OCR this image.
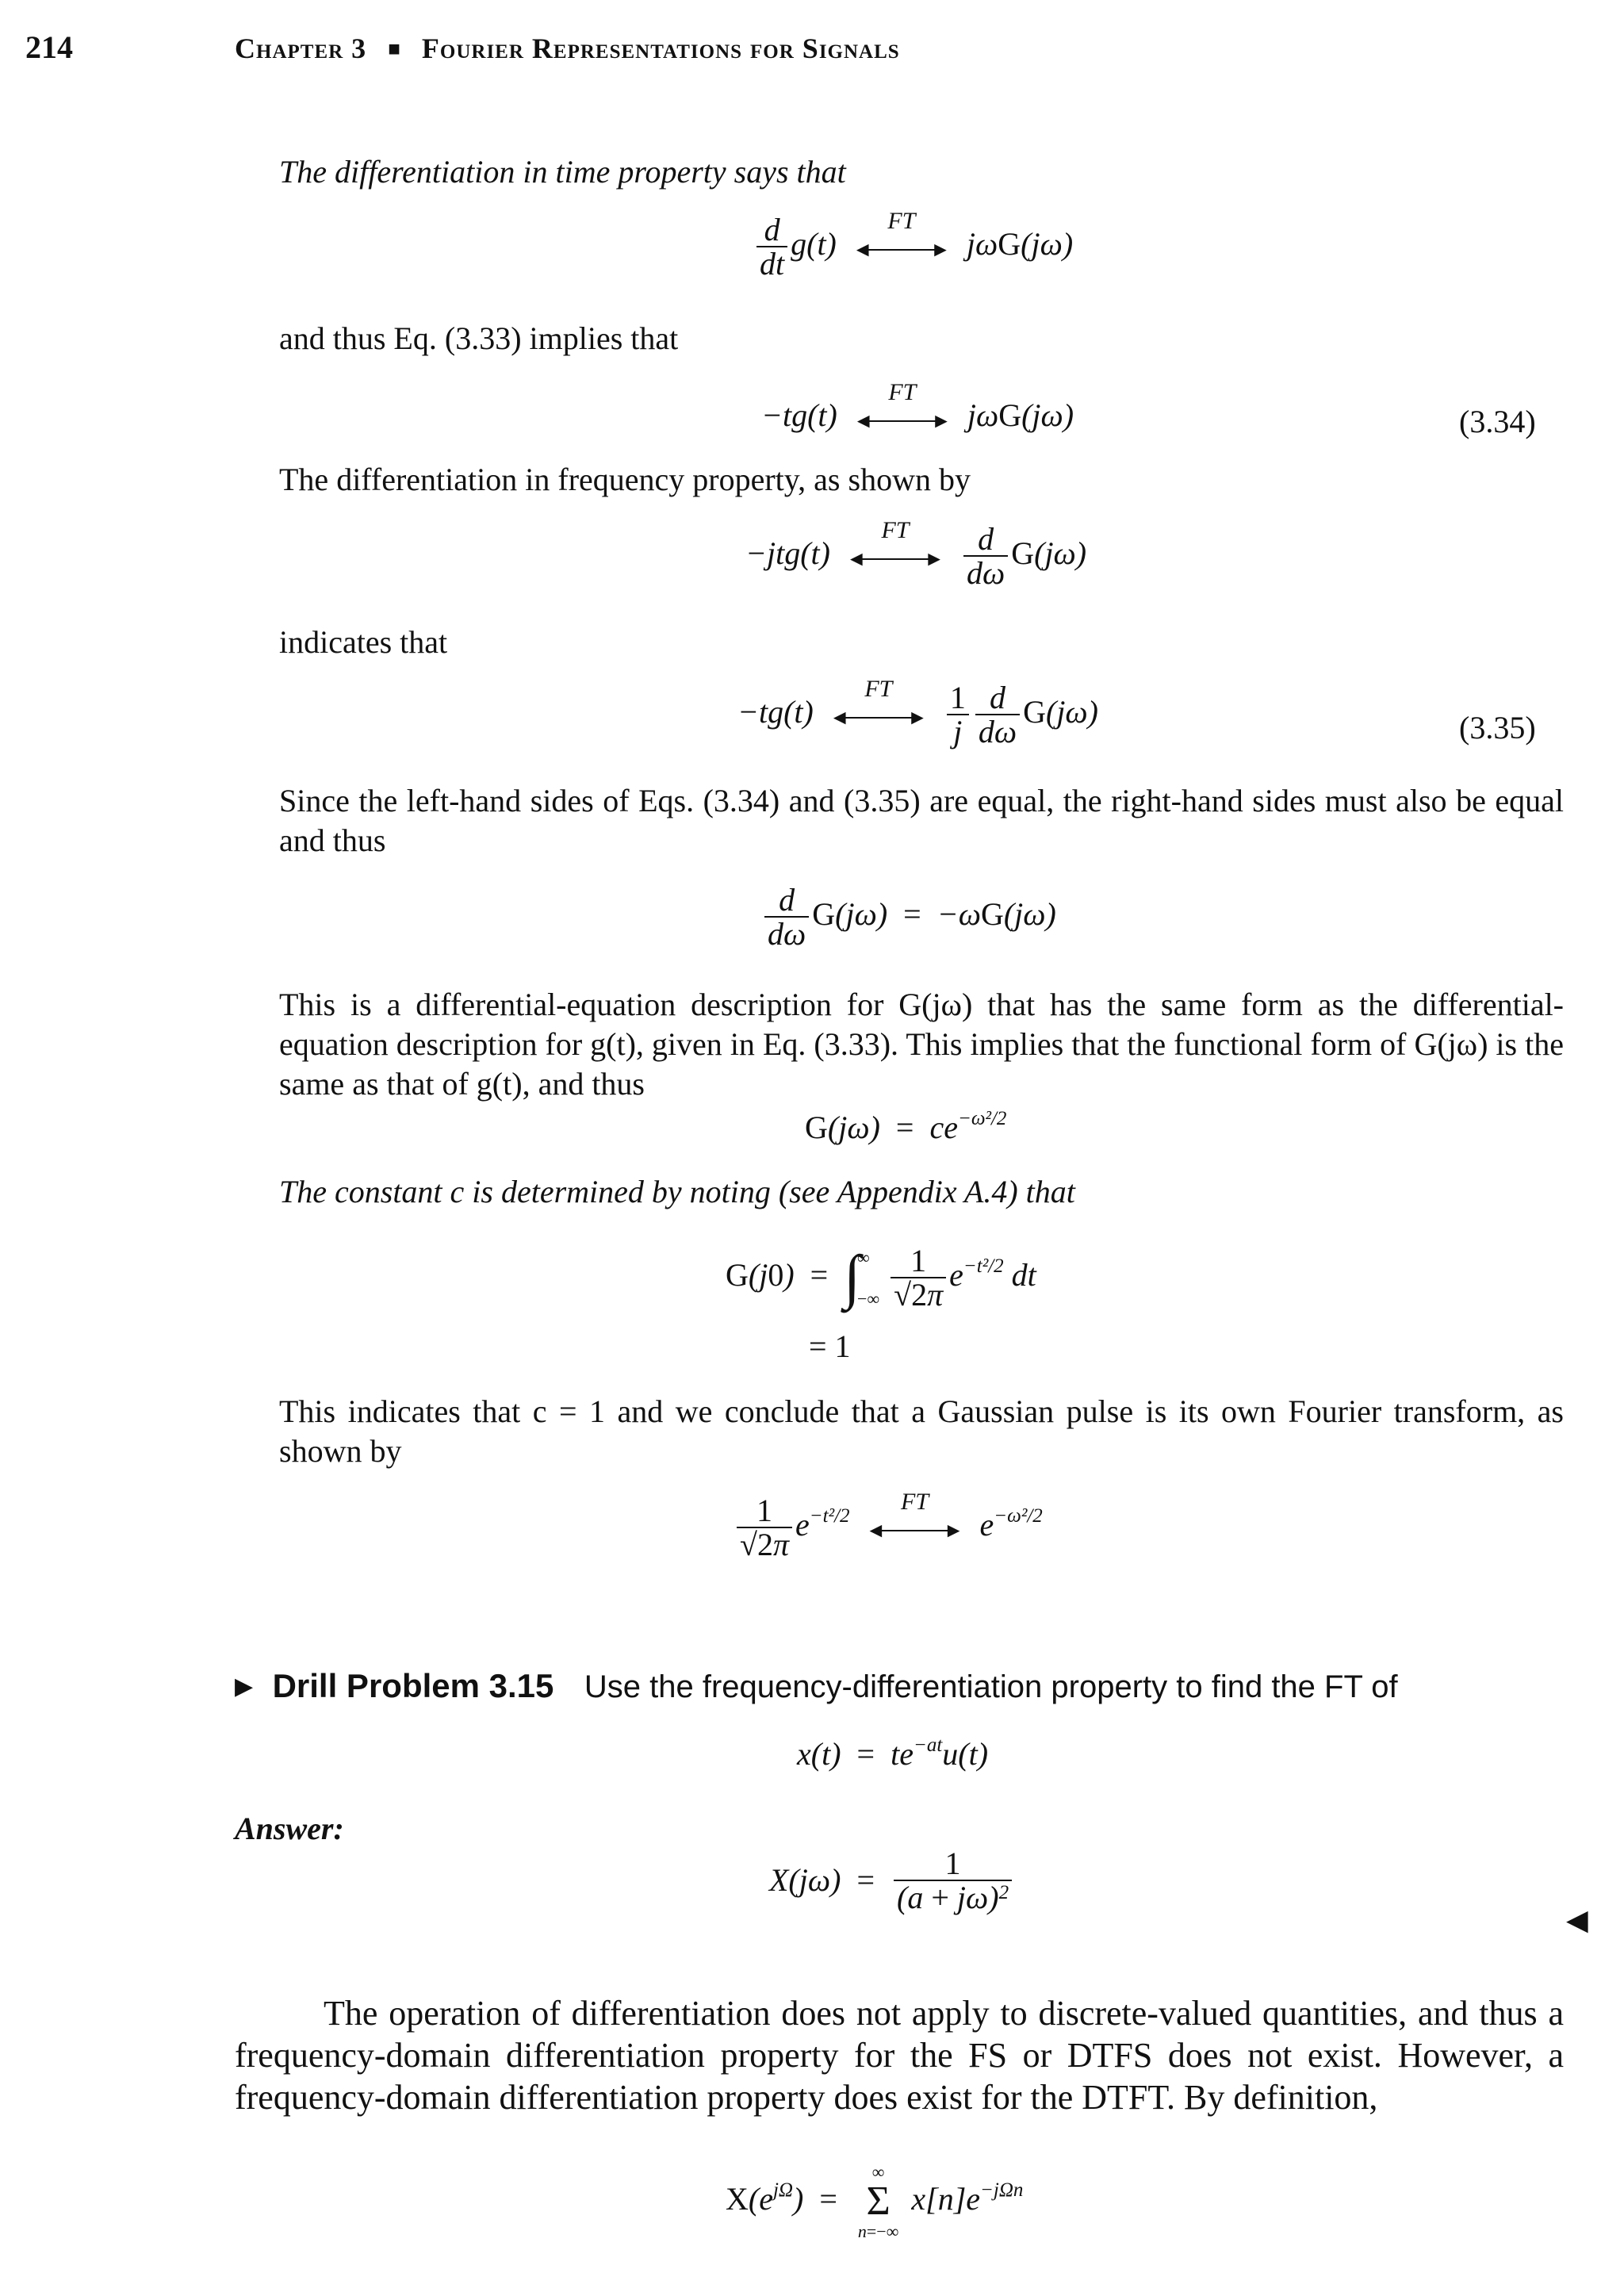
214	Chapter 3 ■ Fourier Representations for Signals
The differentiation in time property says that
$\frac{d}{dt} g(t)$
FT
◄	► jωG(jω)
and thus Eq. (3.33) implies that
−tg(t)
FT
◄	► jωG(jω)	(3.34)
The differentiation in frequency property, as shown by
−jtg(t)
FT
◄	►
$\frac{d}{d\omega} G(j\omega)$
indicates that
−tg(t)
FT
◄	►
$\frac{1}{j} \frac{d}{d\omega} G(j\omega)$	(3.35)
Since the left-hand sides of Eqs. (3.34) and (3.35) are equal, the right-hand sides must also be equal and thus
$\frac{d}{d\omega} G(j\omega) = -\omega G(j\omega)$
This is a differential-equation description for G(jω) that has the same form as the differential-equation description for g(t), given in Eq. (3.33). This implies that the functional form of G(jω) is the same as that of g(t), and thus
$G(j\omega) = ce^{-\omega^2/2}$
The constant c is determined by noting (see Appendix A.4) that
G(j0)  =  ∫
∞
−∞
$\frac{1}{√2\pi} e^{-t^2/2}$ dt
= 1
This indicates that c = 1 and we conclude that a Gaussian pulse is its own Fourier transform, as shown by
$\frac{1}{√2\pi} e^{-t^2/2}$
FT
◄	► $e^{-\omega^2/2}$
▶ Drill Problem 3.15 Use the frequency-differentiation property to find the FT of
$x(t) = te^{-at}u(t)$
Answer:
$X(j\omega) = \frac{1}{(a + j\omega)^2}$
◀
The operation of differentiation does not apply to discrete-valued quantities, and thus a frequency-domain differentiation property for the FS or DTFS does not exist. However, a frequency-domain differentiation property does exist for the DTFT. By definition,
$X(e^{j\Omega})$  =
∞
Σ
n=−∞
$x[n]e^{-j\Omega n}$
